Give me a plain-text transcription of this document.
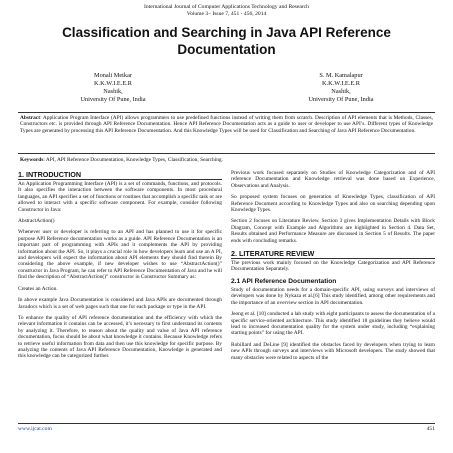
International Journal of Computer Applications Technology and Research
Volume 3– Issue 7, 451 - 456, 2014
Classification and Searching in Java API Reference Documentation
Monali Metkar
K.K.W.I.E.E.R
Nashik,
University Of Pune, India
S. M. Kamalapur
K.K.W.I.E.E.R
Nashik,
University Of Pune, India
Abstract: Application Program Interface (API) allows programmers to use predefined functions instead of writing them from scratch. Description of API elements that is Methods, Classes, Constructors etc. is provided through API Reference Documentation. Hence API Reference Documentation acts as a guide to user or developer to use API’s. Different types of Knowledge Types are generated by processing this API Reference Documentation. And this Knowledge Types will be used for Classification and Searching of Java API Reference Documentation.
Keywords: API, API Reference Documentation, Knowledge Types, Classification, Searching.
1. INTRODUCTION
An Application Programming Interface (API) is a set of commands, functions, and protocols. It also specifies the interaction between the software components. In most procedural languages, an API specifies a set of functions or routines that accomplish a specific task or are allowed to interact with a specific software component. For example, consider following Constructor in Java:
AbstractAction()
Whenever user or developer is referring to an API and has planned to use it for specific purpose API Reference documentation works as a guide. API Reference Documentation is an important part of programming with APIs and it complements the API by providing information about the API. So, it plays a crucial role in how developers learn and use an A PI, and developers will expect the information about API elements they should find therein By considering the above example, if new developer wishes to use “AbstractAction()” constructor in Java Program, he can refer to API Reference Documentation of Java and he will find the description of “AbstractAction()” constructor in Constructor Summary as:
Creates an Action.
In above example Java Documentation is considered and Java APIs are documented through Javadocs which is a set of web pages such that one for each package or type in the API.
To enhance the quality of API reference documentation and the efficiency with which the relevant information it contains can be accessed, it’s necessary to first understand its contents by analyzing it. Therefore, to reason about the quality and value of Java API reference documentation, focus should be about what knowledge it contains. Because Knowledge refers to retrieve useful information from data and then use this knowledge for specific purpose. By analyzing the contents of Java API Reference Documentation, Knowledge is generated and this knowledge can be categorized further.
Previous work focused separately on Studies of Knowledge Categorization and of API reference Documentation and Knowledge retrieval was done based on Experience, Observations and Analysis.
So proposed system focuses on generation of Knowledge Types, classification of API Reference Document according to Knowledge Types and also on searching depending upon Knowledge Types.
Section 2 focuses on Literature Review. Section 3 gives Implementation Details with Block Diagram, Concept with Example and Algorithms are highlighted in Section 4. Data Set, Results obtained and Performance Measure are discussed in Section 5 of Results. The paper ends with concluding remarks.
2. LITERATURE REVIEW
The previous work mainly focused on the Knowledge Categorization and API Reference Documentation Separately.
2.1 API Reference Documentation
Study of documentation needs for a domain-specific API, using surveys and interviews of developers was done by Nykaza et al.[6] This study identified, among other requirements and the importance of an overview section in API documentation.
Jeong et al. [10] conducted a lab study with eight participants to assess the documentation of a specific service-oriented architecture. This study identified 18 guidelines they believe would lead to increased documentation quality for the system under study, including “explaining starting points” for using the API.
Robillard and DeLine [9] identified the obstacles faced by developers when trying to learn new APIs through surveys and interviews with Microsoft developers. The study showed that many obstacles were related to aspects of the
www.ijcat.com	451
